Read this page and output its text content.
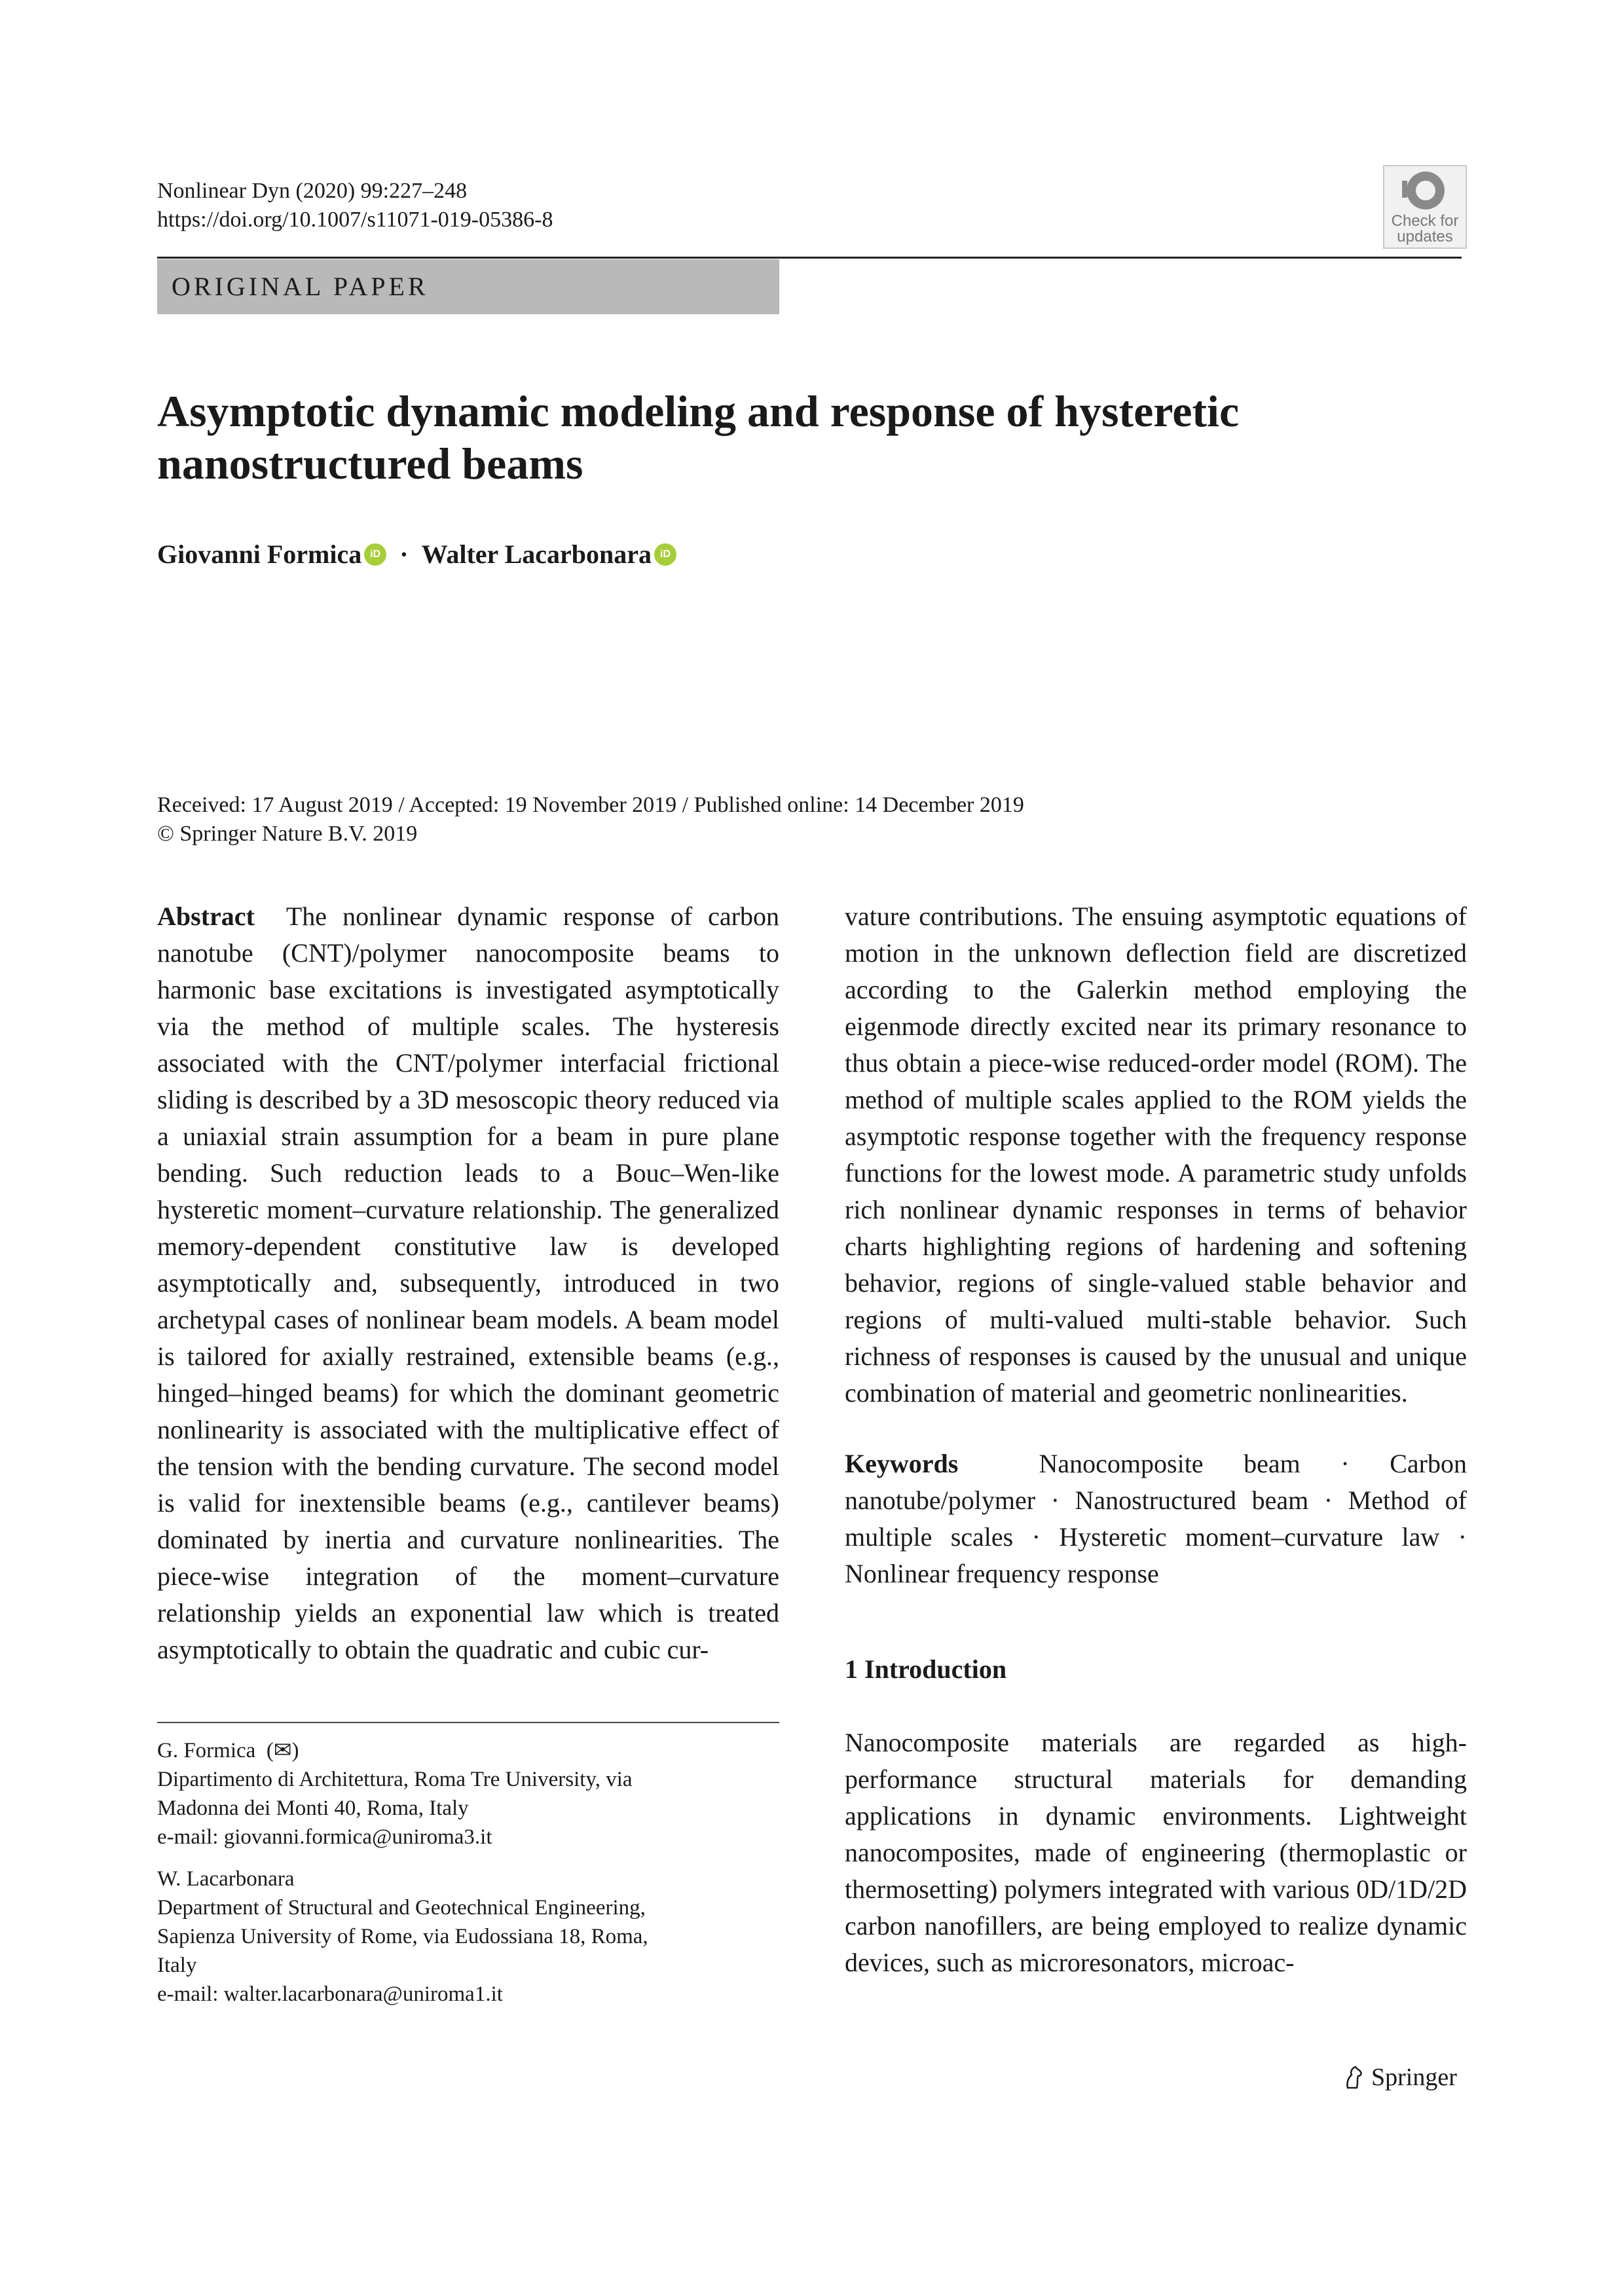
Nonlinear Dyn (2020) 99:227–248
https://doi.org/10.1007/s11071-019-05386-8	Check for updates
ORIGINAL PAPER
Asymptotic dynamic modeling and response of hysteretic nanostructured beams
Giovanni Formica iD · Walter Lacarbonara iD
Received: 17 August 2019 / Accepted: 19 November 2019 / Published online: 14 December 2019
© Springer Nature B.V. 2019

Abstract The nonlinear dynamic response of carbon nanotube (CNT)/polymer nanocomposite beams to harmonic base excitations is investigated asymptotically via the method of multiple scales. The hysteresis associated with the CNT/polymer interfacial frictional sliding is described by a 3D mesoscopic theory reduced via a uniaxial strain assumption for a beam in pure plane bending. Such reduction leads to a Bouc–Wen-like hysteretic moment–curvature relationship. The generalized memory-dependent constitutive law is developed asymptotically and, subsequently, introduced in two archetypal cases of nonlinear beam models. A beam model is tailored for axially restrained, extensible beams (e.g., hinged–hinged beams) for which the dominant geometric nonlinearity is associated with the multiplicative effect of the tension with the bending curvature. The second model is valid for inextensible beams (e.g., cantilever beams) dominated by inertia and curvature nonlinearities. The piece-wise integration of the moment–curvature relationship yields an exponential law which is treated asymptotically to obtain the quadratic and cubic cur-

G. Formica  (✉)
Dipartimento di Architettura, Roma Tre University, via
Madonna dei Monti 40, Roma, Italy
e-mail: giovanni.formica@uniroma3.it
W. Lacarbonara
Department of Structural and Geotechnical Engineering,
Sapienza University of Rome, via Eudossiana 18, Roma,
Italy
e-mail: walter.lacarbonara@uniroma1.it

vature contributions. The ensuing asymptotic equations of motion in the unknown deflection field are discretized according to the Galerkin method employing the eigenmode directly excited near its primary resonance to thus obtain a piece-wise reduced-order model (ROM). The method of multiple scales applied to the ROM yields the asymptotic response together with the frequency response functions for the lowest mode. A parametric study unfolds rich nonlinear dynamic responses in terms of behavior charts highlighting regions of hardening and softening behavior, regions of single-valued stable behavior and regions of multi-valued multi-stable behavior. Such richness of responses is caused by the unusual and unique combination of material and geometric nonlinearities.

Keywords	Nanocomposite beam · Carbon nanotube/polymer · Nanostructured beam · Method of multiple scales · Hysteretic moment–curvature law · Nonlinear frequency response

1 Introduction

Nanocomposite materials are regarded as high-performance structural materials for demanding applications in dynamic environments. Lightweight nanocomposites, made of engineering (thermoplastic or thermosetting) polymers integrated with various 0D/1D/2D carbon nanofillers, are being employed to realize dynamic devices, such as microresonators, microac-

Springer
